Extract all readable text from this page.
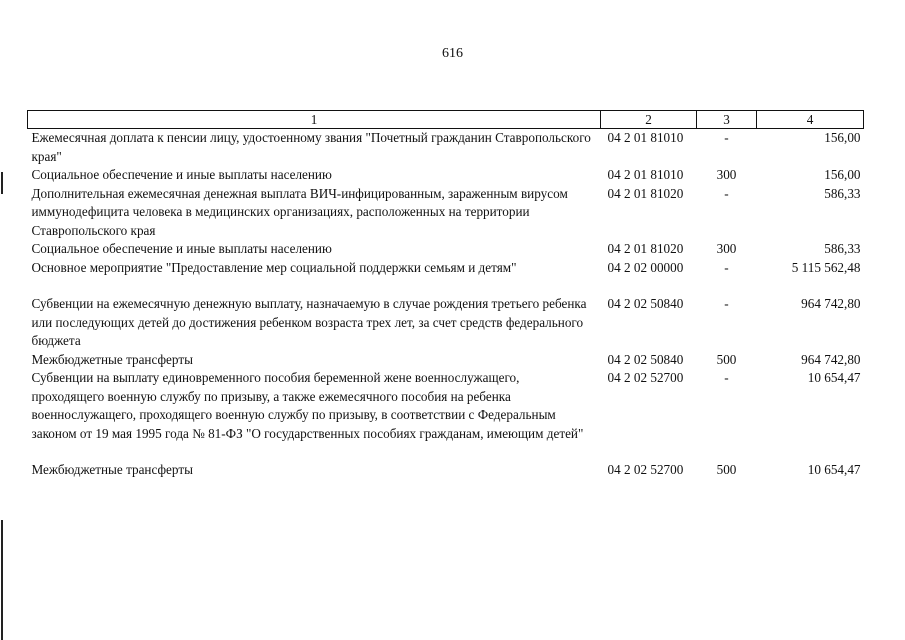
616
1	2	3	4
Ежемесячная доплата к пенсии лицу, удостоенному звания "Почетный гражданин Ставропольского края"	04 2 01 81010	-	156,00
Социальное обеспечение и иные выплаты населению	04 2 01 81010	300	156,00
Дополнительная ежемесячная денежная выплата ВИЧ-инфицированным, зараженным вирусом иммунодефицита человека в медицинских организациях, расположенных на территории Ставропольского края	04 2 01 81020	-	586,33
Социальное обеспечение и иные выплаты населению	04 2 01 81020	300	586,33
Основное мероприятие "Предоставление мер социальной поддержки семьям и детям"	04 2 02 00000	-	5 115 562,48
Субвенции на ежемесячную денежную выплату, назначаемую в случае рождения третьего ребенка или последующих детей до достижения ребенком возраста трех лет, за счет средств федерального бюджета	04 2 02 50840	-	964 742,80
Межбюджетные трансферты	04 2 02 50840	500	964 742,80
Субвенции на выплату единовременного пособия беременной жене военнослужащего, проходящего военную службу по призыву, а также ежемесячного пособия на ребенка военнослужащего, проходящего военную службу по призыву, в соответствии с Федеральным законом от 19 мая 1995 года № 81-ФЗ "О государственных пособиях гражданам, имеющим детей"	04 2 02 52700	-	10 654,47
Межбюджетные трансферты	04 2 02 52700	500	10 654,47
